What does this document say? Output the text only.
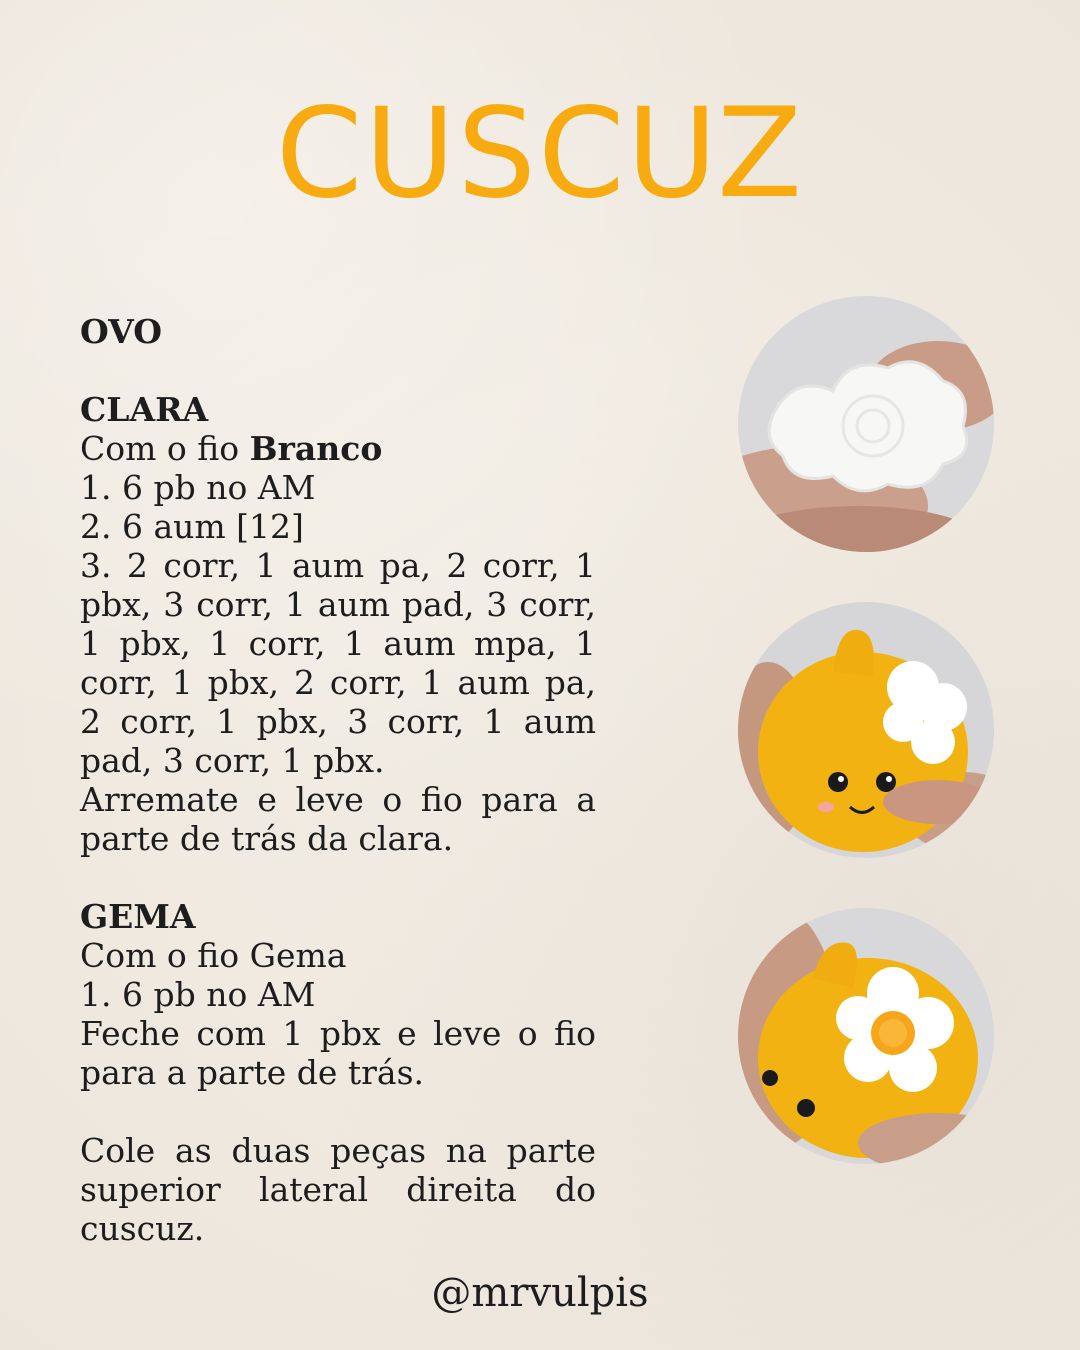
CUSCUZ
OVO
CLARA
Com o fio Branco
1. 6 pb no AM
2. 6 aum [12]
3. 2 corr, 1 aum pa, 2 corr, 1 pbx, 3 corr, 1 aum pad, 3 corr, 1 pbx, 1 corr, 1 aum mpa, 1 corr, 1 pbx, 2 corr, 1 aum pa, 2 corr, 1 pbx, 3 corr, 1 aum pad, 3 corr, 1 pbx.
Arremate e leve o fio para a parte de trás da clara.
GEMA
Com o fio Gema
1. 6 pb no AM
Feche com 1 pbx e leve o fio para a parte de trás.
Cole as duas peças na parte superior lateral direita do cuscuz.
@mrvulpis
